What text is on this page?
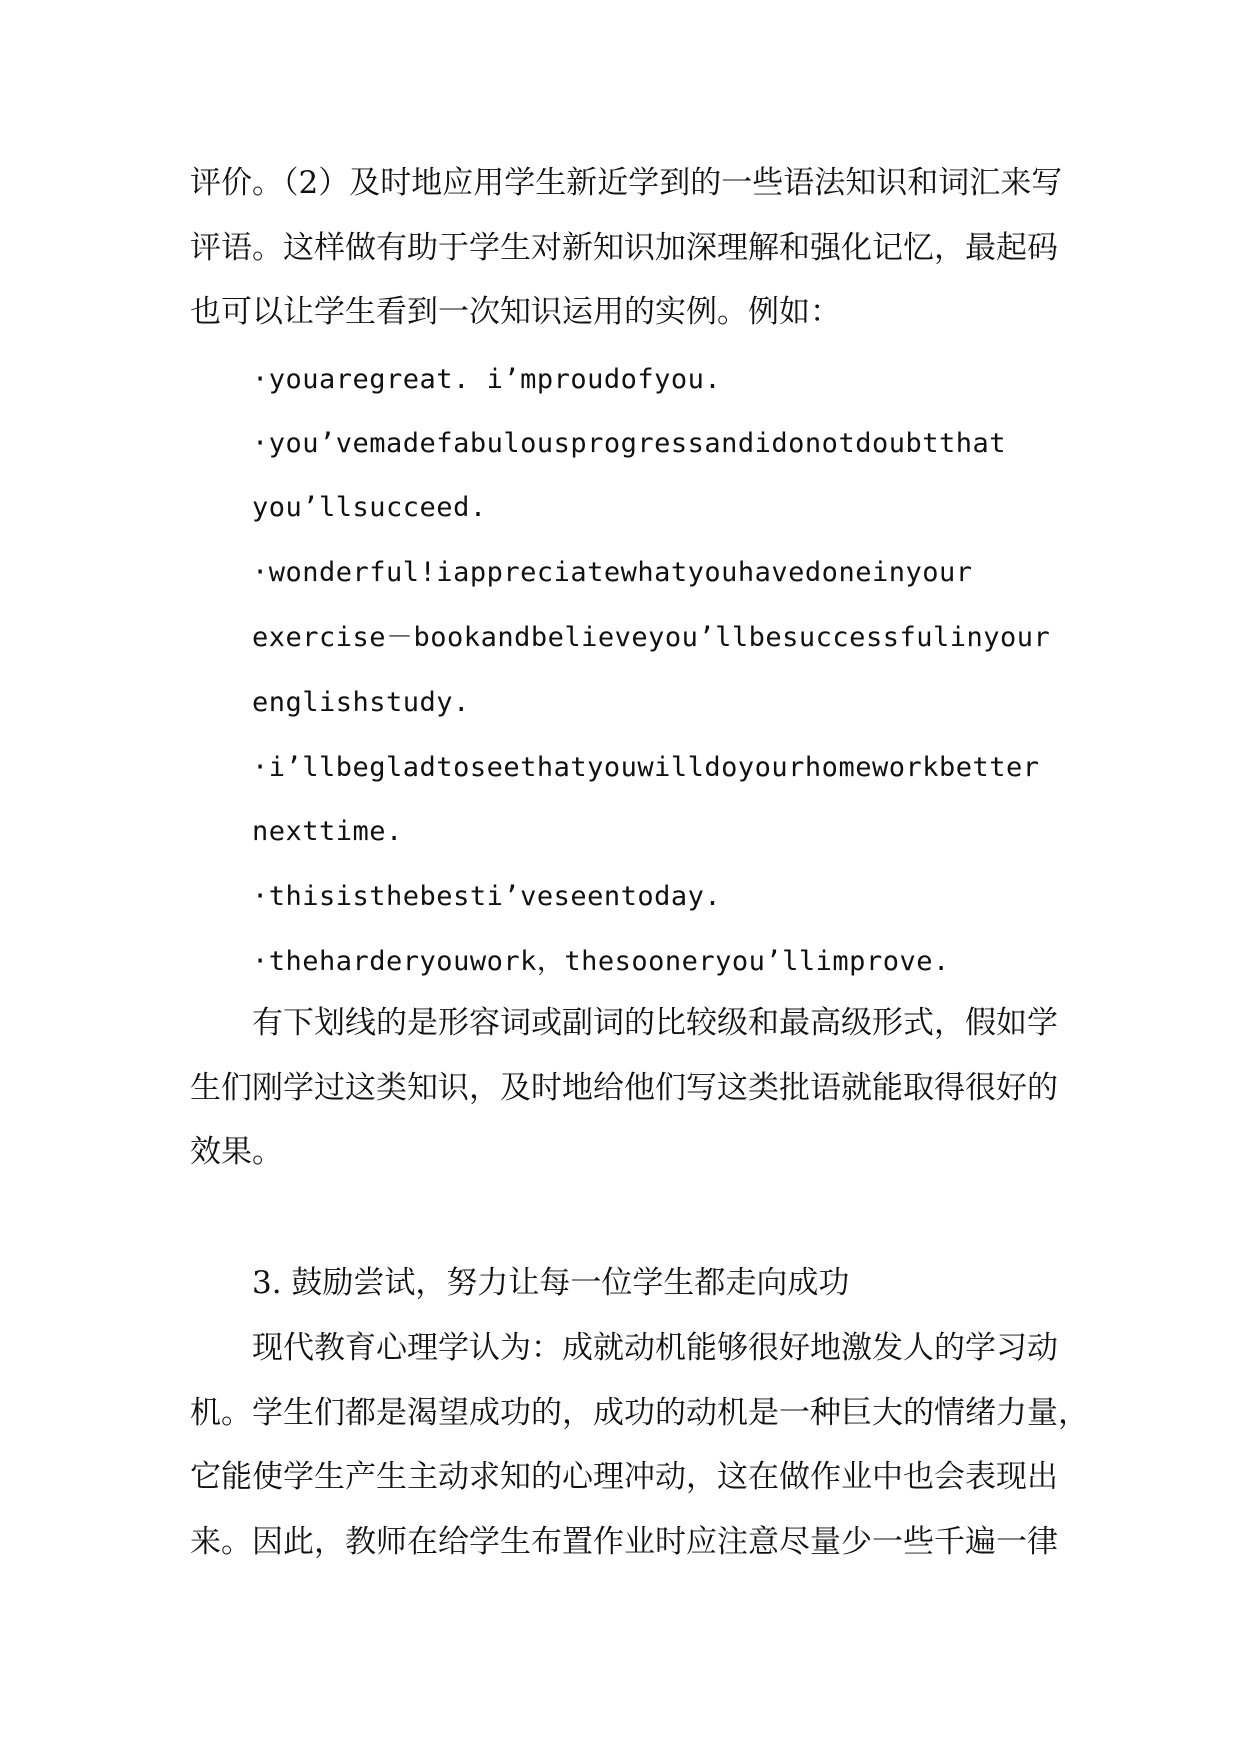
评价。（2）及时地应用学生新近学到的一些语法知识和词汇来写
评语。这样做有助于学生对新知识加深理解和强化记忆，最起码
也可以让学生看到一次知识运用的实例。例如：
·youaregreat. i’mproudofyou.
·you’vemadefabulousprogressandidonotdoubtthat
you’llsucceed.
·wonderful!iappreciatewhatyouhavedoneinyour
exercise－bookandbelieveyou’llbesuccessfulinyour
englishstudy.
·i’llbegladtoseethatyouwilldoyourhomeworkbetter
nexttime.
·thisisthebesti’veseentoday.
·theharderyouwork，thesooneryou’llimprove.
有下划线的是形容词或副词的比较级和最高级形式，假如学
生们刚学过这类知识，及时地给他们写这类批语就能取得很好的
效果。
3. 鼓励尝试，努力让每一位学生都走向成功
现代教育心理学认为：成就动机能够很好地激发人的学习动
机。学生们都是渴望成功的，成功的动机是一种巨大的情绪力量，
它能使学生产生主动求知的心理冲动，这在做作业中也会表现出
来。因此，教师在给学生布置作业时应注意尽量少一些千遍一律
